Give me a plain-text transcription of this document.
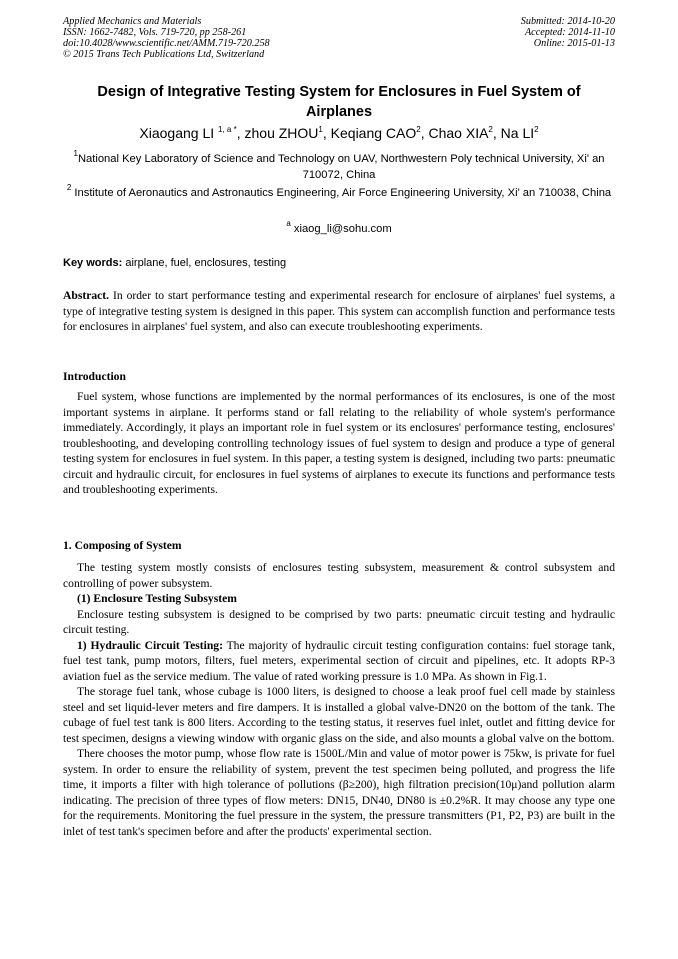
Applied Mechanics and Materials
ISSN: 1662-7482, Vols. 719-720, pp 258-261
doi:10.4028/www.scientific.net/AMM.719-720.258
© 2015 Trans Tech Publications Ltd, Switzerland
Submitted: 2014-10-20
Accepted: 2014-11-10
Online: 2015-01-13
Design of Integrative Testing System for Enclosures in Fuel System of Airplanes
Xiaogang LI $^{1, a *}$, zhou ZHOU$^1$, Keqiang CAO$^2$, Chao XIA$^2$, Na $LI^2$
$^1$National Key Laboratory of Science and Technology on UAV, Northwestern Poly technical University, Xi' an 710072, China
$^2$ Institute of Aeronautics and Astronautics Engineering, Air Force Engineering University, Xi' an 710038, China
$^a$ xiaog_li@sohu.com
Key words: airplane, fuel, enclosures, testing
Abstract. In order to start performance testing and experimental research for enclosure of airplanes' fuel systems, a type of integrative testing system is designed in this paper. This system can accomplish function and performance tests for enclosures in airplanes' fuel system, and also can execute troubleshooting experiments.
Introduction
Fuel system, whose functions are implemented by the normal performances of its enclosures, is one of the most important systems in airplane. It performs stand or fall relating to the reliability of whole system's performance immediately. Accordingly, it plays an important role in fuel system or its enclosures' performance testing, enclosures' troubleshooting, and developing controlling technology issues of fuel system to design and produce a type of general testing system for enclosures in fuel system. In this paper, a testing system is designed, including two parts: pneumatic circuit and hydraulic circuit, for enclosures in fuel systems of airplanes to execute its functions and performance tests and troubleshooting experiments.
1. Composing of System

The testing system mostly consists of enclosures testing subsystem, measurement & control subsystem and controlling of power subsystem.

(1) Enclosure Testing Subsystem

Enclosure testing subsystem is designed to be comprised by two parts: pneumatic circuit testing and hydraulic circuit testing.

1) Hydraulic Circuit Testing: The majority of hydraulic circuit testing configuration contains: fuel storage tank, fuel test tank, pump motors, filters, fuel meters, experimental section of circuit and pipelines, etc. It adopts RP-3 aviation fuel as the service medium. The value of rated working pressure is 1.0 MPa. As shown in Fig.1.

The storage fuel tank, whose cubage is 1000 liters, is designed to choose a leak proof fuel cell made by stainless steel and set liquid-lever meters and fire dampers. It is installed a global valve-DN20 on the bottom of the tank. The cubage of fuel test tank is 800 liters. According to the testing status, it reserves fuel inlet, outlet and fitting device for test specimen, designs a viewing window with organic glass on the side, and also mounts a global valve on the bottom.

There chooses the motor pump, whose flow rate is 1500L/Min and value of motor power is 75kw, is private for fuel system. In order to ensure the reliability of system, prevent the test specimen being polluted, and progress the life time, it imports a filter with high tolerance of pollutions (β≥200), high filtration precision(10μ)and pollution alarm indicating. The precision of three types of flow meters: DN15, DN40, DN80 is ±0.2%R. It may choose any type one for the requirements. Monitoring the fuel pressure in the system, the pressure transmitters (P1, P2, P3) are built in the inlet of test tank's specimen before and after the products' experimental section.
